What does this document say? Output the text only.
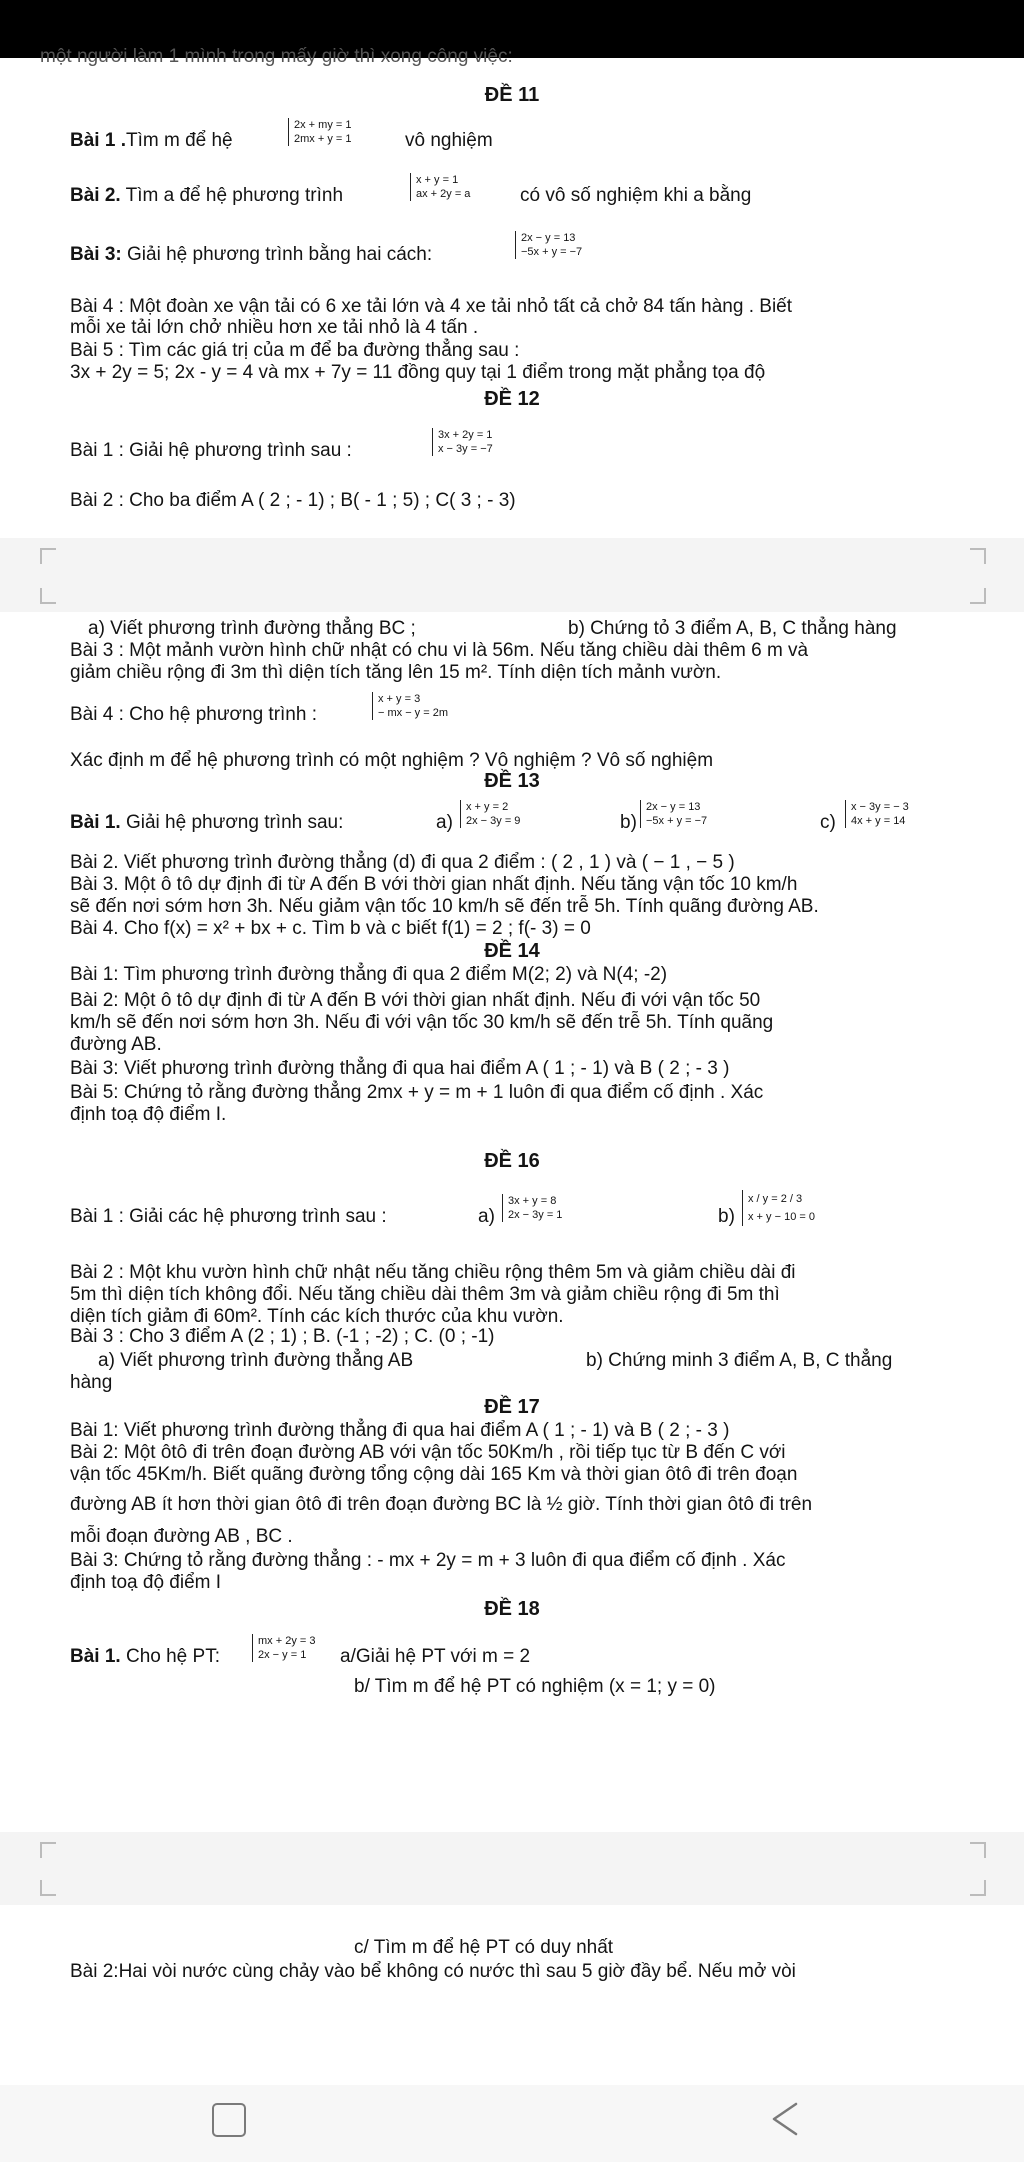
một người làm 1 mình trong mấy giờ thì xong công việc:
ĐỀ 11
Bài 1 .Tìm m để hệ
2x + my = 1
2mx + y = 1	vô nghiệm
Bài 2. Tìm a để hệ phương trình
x + y = 1
ax + 2y = a	có vô số nghiệm khi a bằng
Bài 3: Giải hệ phương trình bằng hai cách:
2x − y = 13
−5x + y = −7
Bài 4 : Một đoàn xe vận tải có 6 xe tải lớn và 4 xe tải nhỏ tất cả chở 84 tấn hàng . Biết
mỗi xe tải lớn chở nhiều hơn xe tải nhỏ là 4 tấn .
Bài 5 : Tìm các giá trị của m để ba đường thẳng sau :
3x + 2y = 5; 2x - y = 4 và mx + 7y = 11 đồng quy tại 1 điểm trong mặt phẳng tọa độ
ĐỀ 12
Bài 1 : Giải hệ phương trình sau :
3x + 2y = 1
x − 3y = −7
Bài 2 : Cho ba điểm A ( 2 ; - 1) ; B( - 1 ; 5) ; C( 3 ; - 3)
a) Viết phương trình đường thẳng BC ;	b) Chứng tỏ 3 điểm A, B, C thẳng hàng
Bài 3 : Một mảnh vườn hình chữ nhật có chu vi là 56m. Nếu tăng chiều dài thêm 6 m và
giảm chiều rộng đi 3m thì diện tích tăng lên 15 m². Tính diện tích mảnh vườn.
Bài 4 : Cho hệ phương trình :
x + y = 3
− mx − y = 2m
Xác định m để hệ phương trình có một nghiệm ? Vô nghiệm ? Vô số nghiệm
ĐỀ 13
Bài 1. Giải hệ phương trình sau:	a)
x + y = 2
2x − 3y = 9	b)
2x − y = 13
−5x + y = −7	c)
x − 3y = − 3
4x + y = 14
Bài 2. Viết phương trình đường thẳng (d) đi qua 2 điểm : ( 2 , 1 ) và ( − 1 , − 5 )
Bài 3. Một ô tô dự định đi từ A đến B với thời gian nhất định. Nếu tăng vận tốc 10 km/h
sẽ đến nơi sớm hơn 3h. Nếu giảm vận tốc 10 km/h sẽ đến trễ 5h. Tính quãng đường AB.
Bài 4. Cho f(x) = x² + bx + c. Tìm b và c biết f(1) = 2 ; f(- 3) = 0
ĐỀ 14
Bài 1: Tìm phương trình đường thẳng đi qua 2 điểm M(2; 2) và N(4; -2)
Bài 2: Một ô tô dự định đi từ A đến B với thời gian nhất định. Nếu đi với vận tốc 50
km/h sẽ đến nơi sớm hơn 3h. Nếu đi với vận tốc 30 km/h sẽ đến trễ 5h. Tính quãng
đường AB.
Bài 3: Viết phương trình đường thẳng đi qua hai điểm A ( 1 ; - 1) và B ( 2 ; - 3 )
Bài 5: Chứng tỏ rằng đường thẳng 2mx + y = m + 1 luôn đi qua điểm cố định . Xác
định toạ độ điểm I.
ĐỀ 16
Bài 1 : Giải các hệ phương trình sau :	a)
3x + y = 8
2x − 3y = 1	b)
x / y = 2 / 3
x + y − 10 = 0
Bài 2 : Một khu vườn hình chữ nhật nếu tăng chiều rộng thêm 5m và giảm chiều dài đi
5m thì diện tích không đổi. Nếu tăng chiều dài thêm 3m và giảm chiều rộng đi 5m thì
diện tích giảm đi 60m². Tính các kích thước của khu vườn.
Bài 3 : Cho 3 điểm A (2 ; 1) ; B. (-1 ; -2) ; C. (0 ; -1)
a) Viết phương trình đường thẳng AB	b) Chứng minh 3 điểm A, B, C thẳng
hàng
ĐỀ 17
Bài 1: Viết phương trình đường thẳng đi qua hai điểm A ( 1 ; - 1) và B ( 2 ; - 3 )
Bài 2: Một ôtô đi trên đoạn đường AB với vận tốc 50Km/h , rồi tiếp tục từ B đến C với
vận tốc 45Km/h. Biết quãng đường tổng cộng dài 165 Km và thời gian ôtô đi trên đoạn
đường AB ít hơn thời gian ôtô đi trên đoạn đường BC là ½ giờ. Tính thời gian ôtô đi trên
mỗi đoạn đường AB , BC .
Bài 3: Chứng tỏ rằng đường thẳng : - mx + 2y = m + 3 luôn đi qua điểm cố định . Xác
định toạ độ điểm I
ĐỀ 18
Bài 1. Cho hệ PT:
mx + 2y = 3
2x − y = 1	a/Giải hệ PT với m = 2
b/ Tìm m để hệ PT có nghiệm (x = 1; y = 0)
c/ Tìm m để hệ PT có duy nhất
Bài 2:Hai vòi nước cùng chảy vào bể không có nước thì sau 5 giờ đầy bể. Nếu mở vòi
